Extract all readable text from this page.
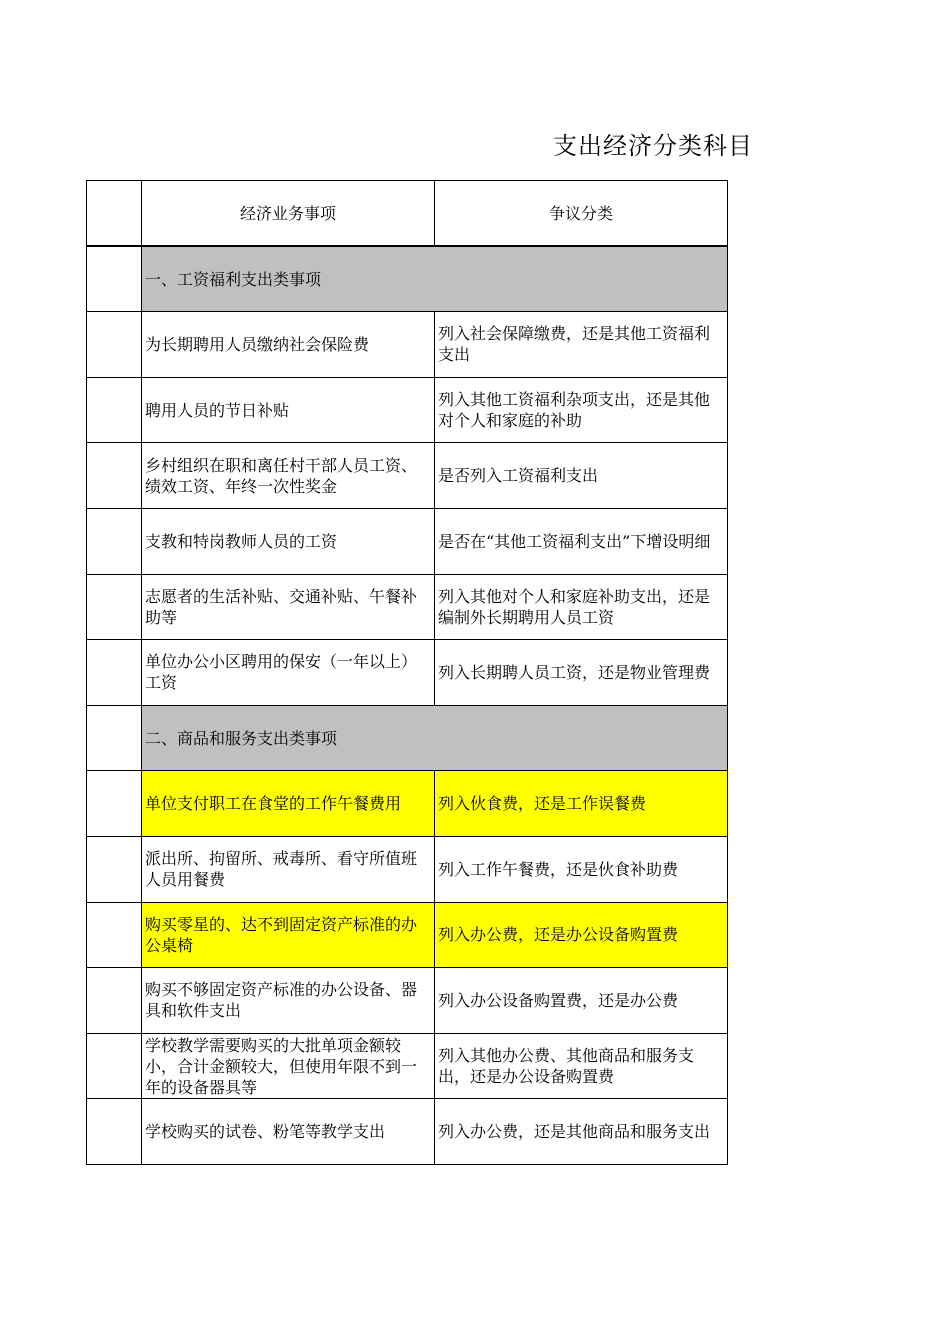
支出经济分类科目
	经济业务事项	争议分类
	一、工资福利支出类事项	
	为长期聘用人员缴纳社会保险费	列入社会保障缴费，还是其他工资福利支出
	聘用人员的节日补贴	列入其他工资福利杂项支出，还是其他对个人和家庭的补助
	乡村组织在职和离任村干部人员工资、绩效工资、年终一次性奖金	是否列入工资福利支出
	支教和特岗教师人员的工资	是否在“其他工资福利支出”下增设明细
	志愿者的生活补贴、交通补贴、午餐补助等	列入其他对个人和家庭补助支出，还是编制外长期聘用人员工资
	单位办公小区聘用的保安（一年以上）工资	列入长期聘人员工资，还是物业管理费
	二、商品和服务支出类事项	
	单位支付职工在食堂的工作午餐费用	列入伙食费，还是工作误餐费
	派出所、拘留所、戒毒所、看守所值班人员用餐费	列入工作午餐费，还是伙食补助费
	购买零星的、达不到固定资产标准的办公桌椅	列入办公费，还是办公设备购置费
	购买不够固定资产标准的办公设备、器具和软件支出	列入办公设备购置费，还是办公费
	学校教学需要购买的大批单项金额较小，合计金额较大，但使用年限不到一年的设备器具等	列入其他办公费、其他商品和服务支出，还是办公设备购置费
	学校购买的试卷、粉笔等教学支出	列入办公费，还是其他商品和服务支出
